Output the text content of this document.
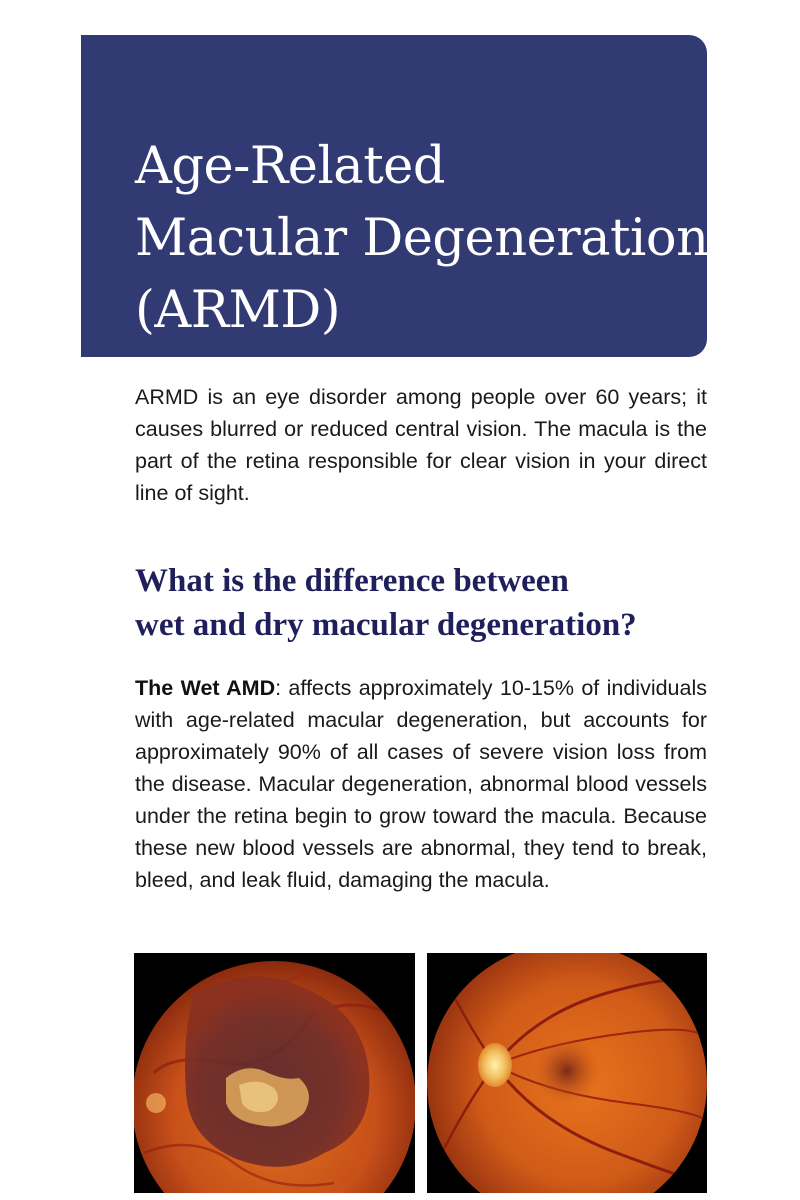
Age-Related
Macular Degeneration
(ARMD)

ARMD is an eye disorder among people over 60 years; it causes blurred or reduced central vision. The macula is the part of the retina responsible for clear vision in your direct line of sight.

What is the difference between
wet and dry macular degeneration?

The Wet AMD: affects approximately 10-15% of individuals with age-related macular degeneration, but accounts for approximately 90% of all cases of severe vision loss from the disease. Macular degeneration, abnormal blood vessels under the retina begin to grow toward the macula. Because these new blood vessels are abnormal, they tend to break, bleed, and leak fluid, damaging the macula.
